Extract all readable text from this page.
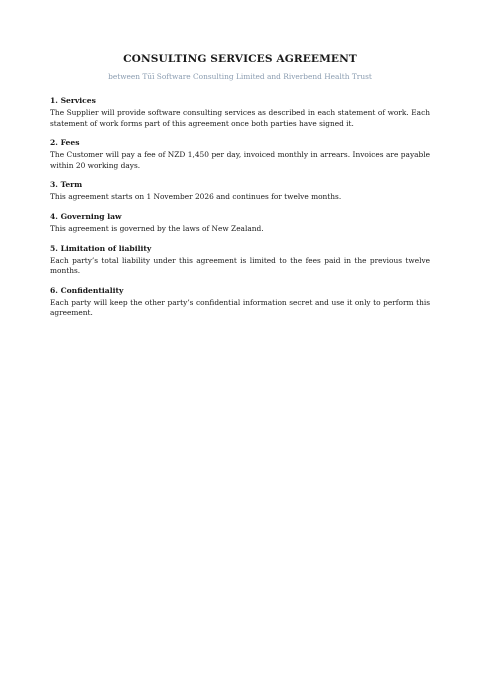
CONSULTING SERVICES AGREEMENT

between Tūī Software Consulting Limited and Riverbend Health Trust

1. Services

The Supplier will provide software consulting services as described in each statement of work. Each statement of work forms part of this agreement once both parties have signed it.

2. Fees

The Customer will pay a fee of NZD 1,450 per day, invoiced monthly in arrears. Invoices are payable within 20 working days.

3. Term

This agreement starts on 1 November 2026 and continues for twelve months.

4. Governing law

This agreement is governed by the laws of New Zealand.

5. Limitation of liability

Each party’s total liability under this agreement is limited to the fees paid in the previous twelve months.

6. Confidentiality

Each party will keep the other party’s confidential information secret and use it only to perform this agreement.
